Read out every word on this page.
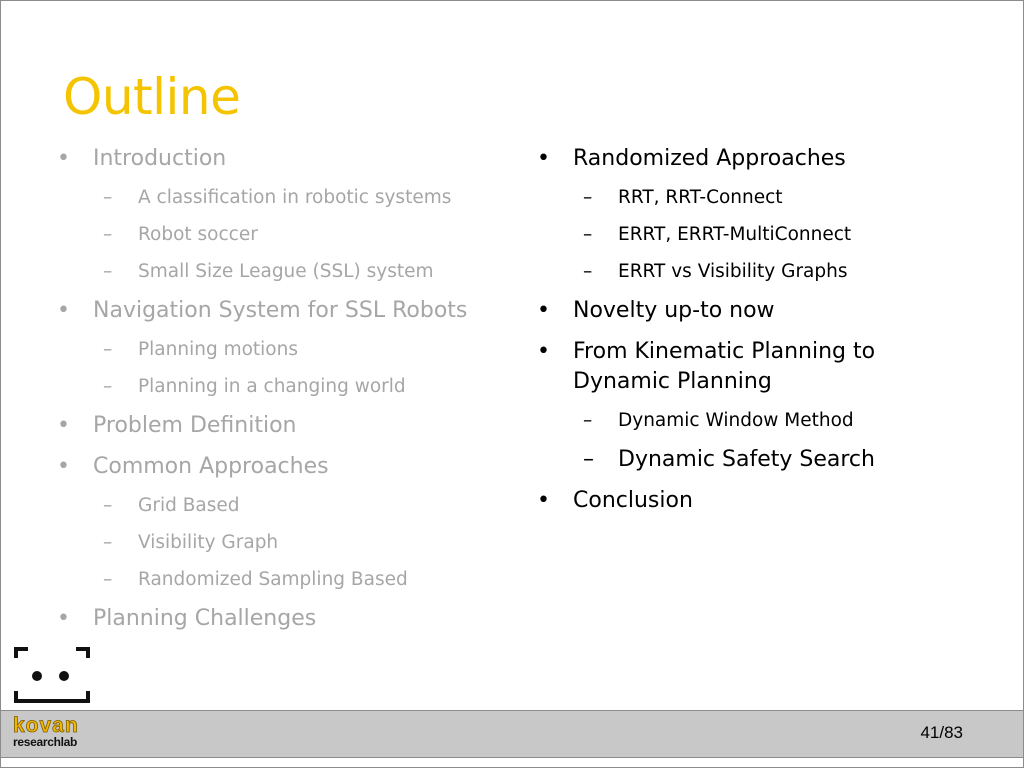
Outline
•	Introduction
– A classification in robotic systems
– Robot soccer
– Small Size League (SSL) system
•	Navigation System for SSL Robots
– Planning motions
– Planning in a changing world
•	Problem Definition
•	Common Approaches
– Grid Based
– Visibility Graph
– Randomized Sampling Based
•	Planning Challenges
•	Randomized Approaches
– RRT, RRT-Connect
– ERRT, ERRT-MultiConnect
– ERRT vs Visibility Graphs
•	Novelty up-to now
•	From Kinematic Planning to Dynamic Planning
– Dynamic Window Method
– Dynamic Safety Search
•	Conclusion
41/83
kovan
researchlab
